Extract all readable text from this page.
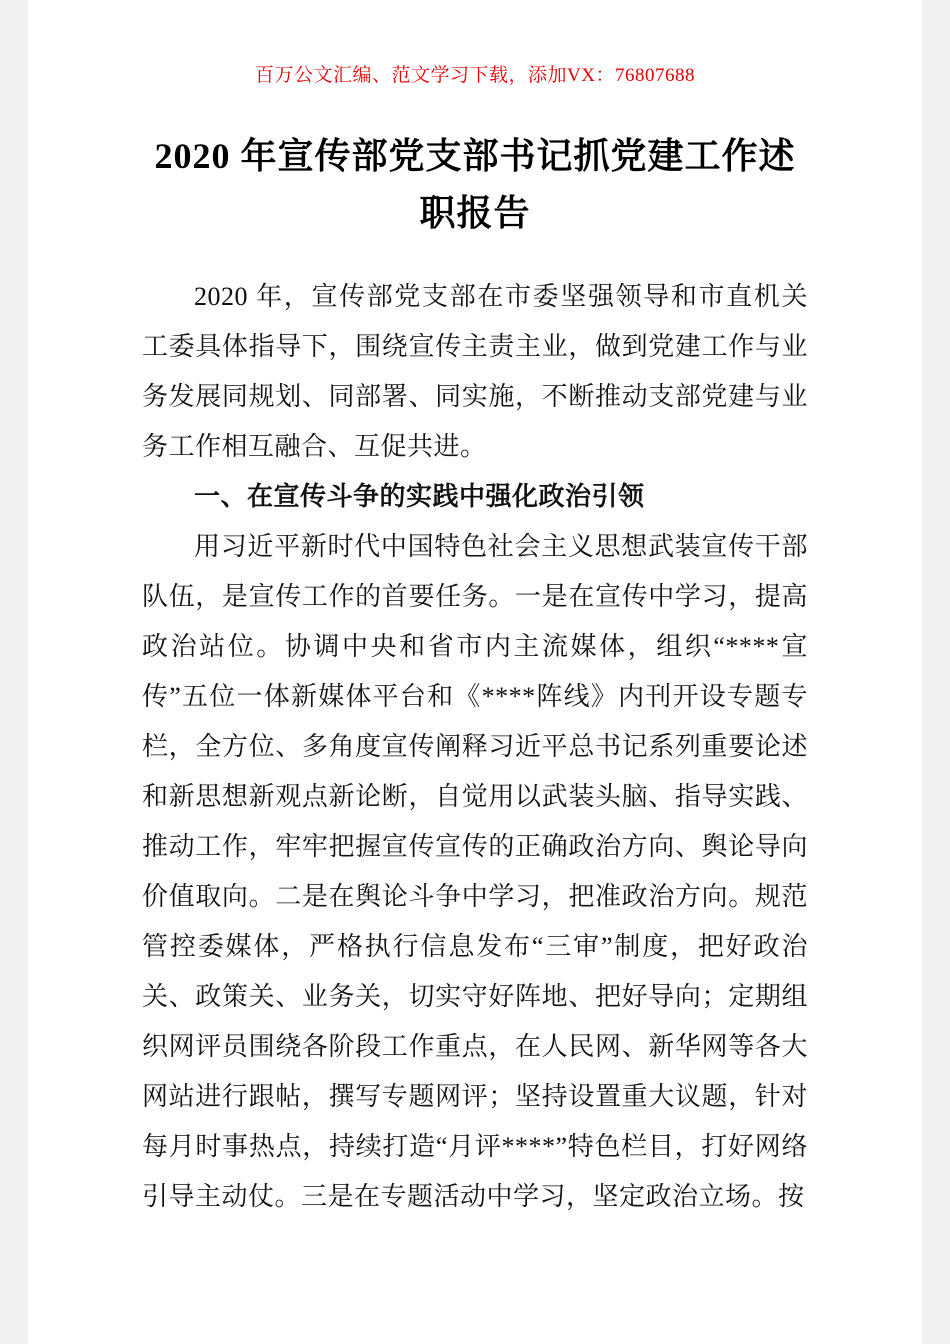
百万公文汇编、范文学习下载，添加VX：76807688
2020 年宣传部党支部书记抓党建工作述职报告

2020 年，宣传部党支部在市委坚强领导和市直机关工委具体指导下，围绕宣传主责主业，做到党建工作与业务发展同规划、同部署、同实施，不断推动支部党建与业务工作相互融合、互促共进。

一、在宣传斗争的实践中强化政治引领

用习近平新时代中国特色社会主义思想武装宣传干部队伍，是宣传工作的首要任务。一是在宣传中学习，提高政治站位。协调中央和省市内主流媒体，组织“****宣传”五位一体新媒体平台和《****阵线》内刊开设专题专栏，全方位、多角度宣传阐释习近平总书记系列重要论述和新思想新观点新论断，自觉用以武装头脑、指导实践、推动工作，牢牢把握宣传宣传的正确政治方向、舆论导向价值取向。二是在舆论斗争中学习，把准政治方向。规范管控委媒体，严格执行信息发布“三审”制度，把好政治关、政策关、业务关，切实守好阵地、把好导向；定期组织网评员围绕各阶段工作重点，在人民网、新华网等各大网站进行跟帖，撰写专题网评；坚持设置重大议题，针对每月时事热点，持续打造“月评****”特色栏目，打好网络引导主动仗。三是在专题活动中学习，坚定政治立场。按
